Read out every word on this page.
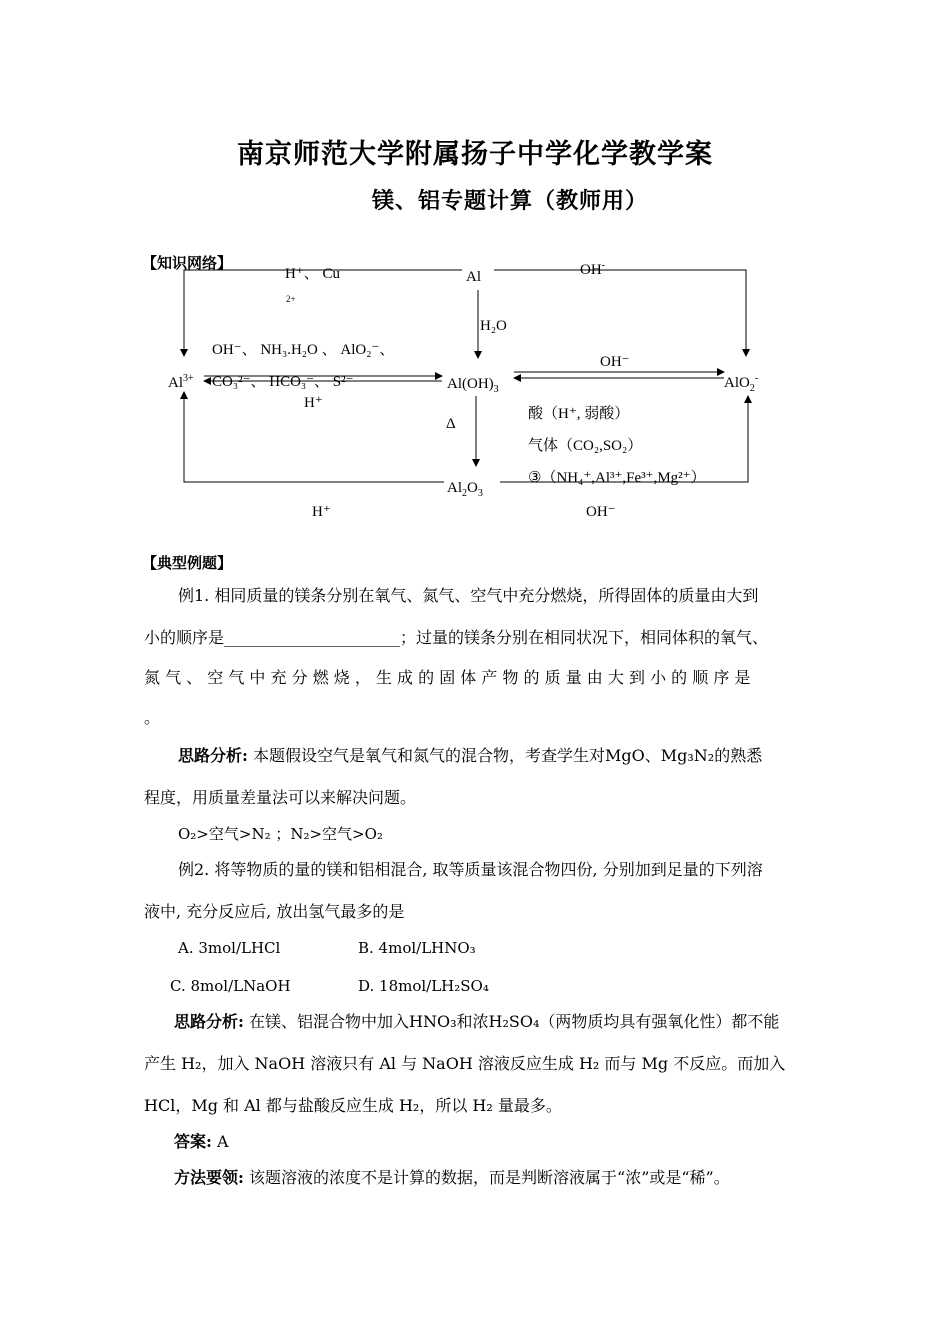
南京师范大学附属扬子中学化学教学案
镁、铝专题计算（教师用）
【知识网络】
Al
$Al^{3+}$	$Al(OH)_3$	AlO$_2$-
$Al_2O_3$
H⁺、 Cu
2+
OH-
H₂O
OH⁻、 NH₃.H₂O 、 AlO₂⁻、
CO₃²⁻、 HCO₃⁻、 S²⁻
H⁺
OH⁻
Δ
酸（H⁺, 弱酸）
气体（CO₂,SO₂）
③（NH₄⁺,Al³⁺,Fe³⁺,Mg²⁺）
H⁺	OH⁻
【典型例题】
例1. 相同质量的镁条分别在氧气、氮气、空气中充分燃烧，所得固体的质量由大到
小的顺序是______________________；过量的镁条分别在相同状况下，相同体积的氧气、
氮 气 、 空 气 中 充 分 燃 烧 ， 生 成 的 固 体 产 物 的 质 量 由 大 到 小 的 顺 序 是
。
思路分析: 本题假设空气是氧气和氮气的混合物，考查学生对MgO、Mg₃N₂的熟悉
程度，用质量差量法可以来解决问题。
O₂>空气>N₂ ；N₂>空气>O₂
例2. 将等物质的量的镁和铝相混合, 取等质量该混合物四份, 分别加到足量的下列溶
液中, 充分反应后, 放出氢气最多的是
A. 3mol/LHCl	B. 4mol/LHNO₃
C. 8mol/LNaOH	D. 18mol/LH₂SO₄
思路分析: 在镁、铝混合物中加入HNO₃和浓H₂SO₄（两物质均具有强氧化性）都不能
产生 H₂，加入 NaOH 溶液只有 Al 与 NaOH 溶液反应生成 H₂ 而与 Mg 不反应。而加入
HCl，Mg 和 Al 都与盐酸反应生成 H₂，所以 H₂ 量最多。
答案: A
方法要领: 该题溶液的浓度不是计算的数据，而是判断溶液属于“浓”或是“稀”。
